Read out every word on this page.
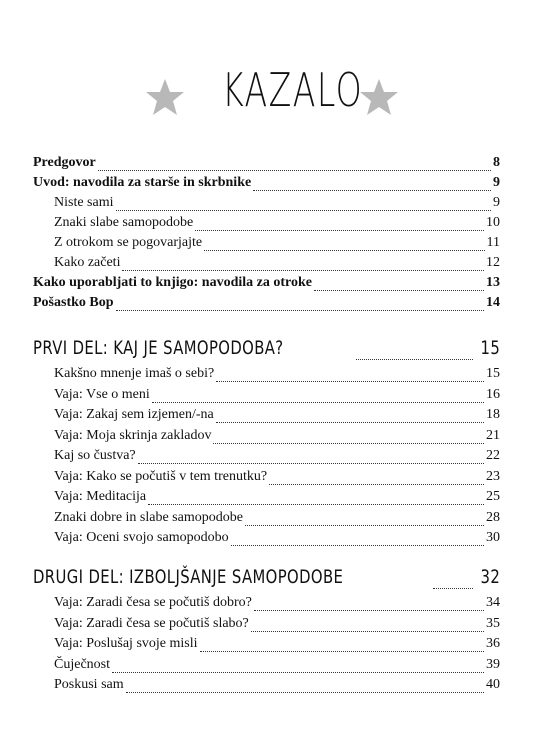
KAZALO
Predgovor	8
Uvod: navodila za starše in skrbnike	9
Niste sami	9
Znaki slabe samopodobe	10
Z otrokom se pogovarjajte	11
Kako začeti	12
Kako uporabljati to knjigo: navodila za otroke	13
Pošastko Bop	14
PRVI DEL: KAJ JE SAMOPODOBA?	15
Kakšno mnenje imaš o sebi?	15
Vaja: Vse o meni	16
Vaja: Zakaj sem izjemen/-na	18
Vaja: Moja skrinja zakladov	21
Kaj so čustva?	22
Vaja: Kako se počutiš v tem trenutku?	23
Vaja: Meditacija	25
Znaki dobre in slabe samopodobe	28
Vaja: Oceni svojo samopodobo	30
DRUGI DEL: IZBOLJŠANJE SAMOPODOBE	32
Vaja: Zaradi česa se počutiš dobro?	34
Vaja: Zaradi česa se počutiš slabo?	35
Vaja: Poslušaj svoje misli	36
Čuječnost	39
Poskusi sam	40
